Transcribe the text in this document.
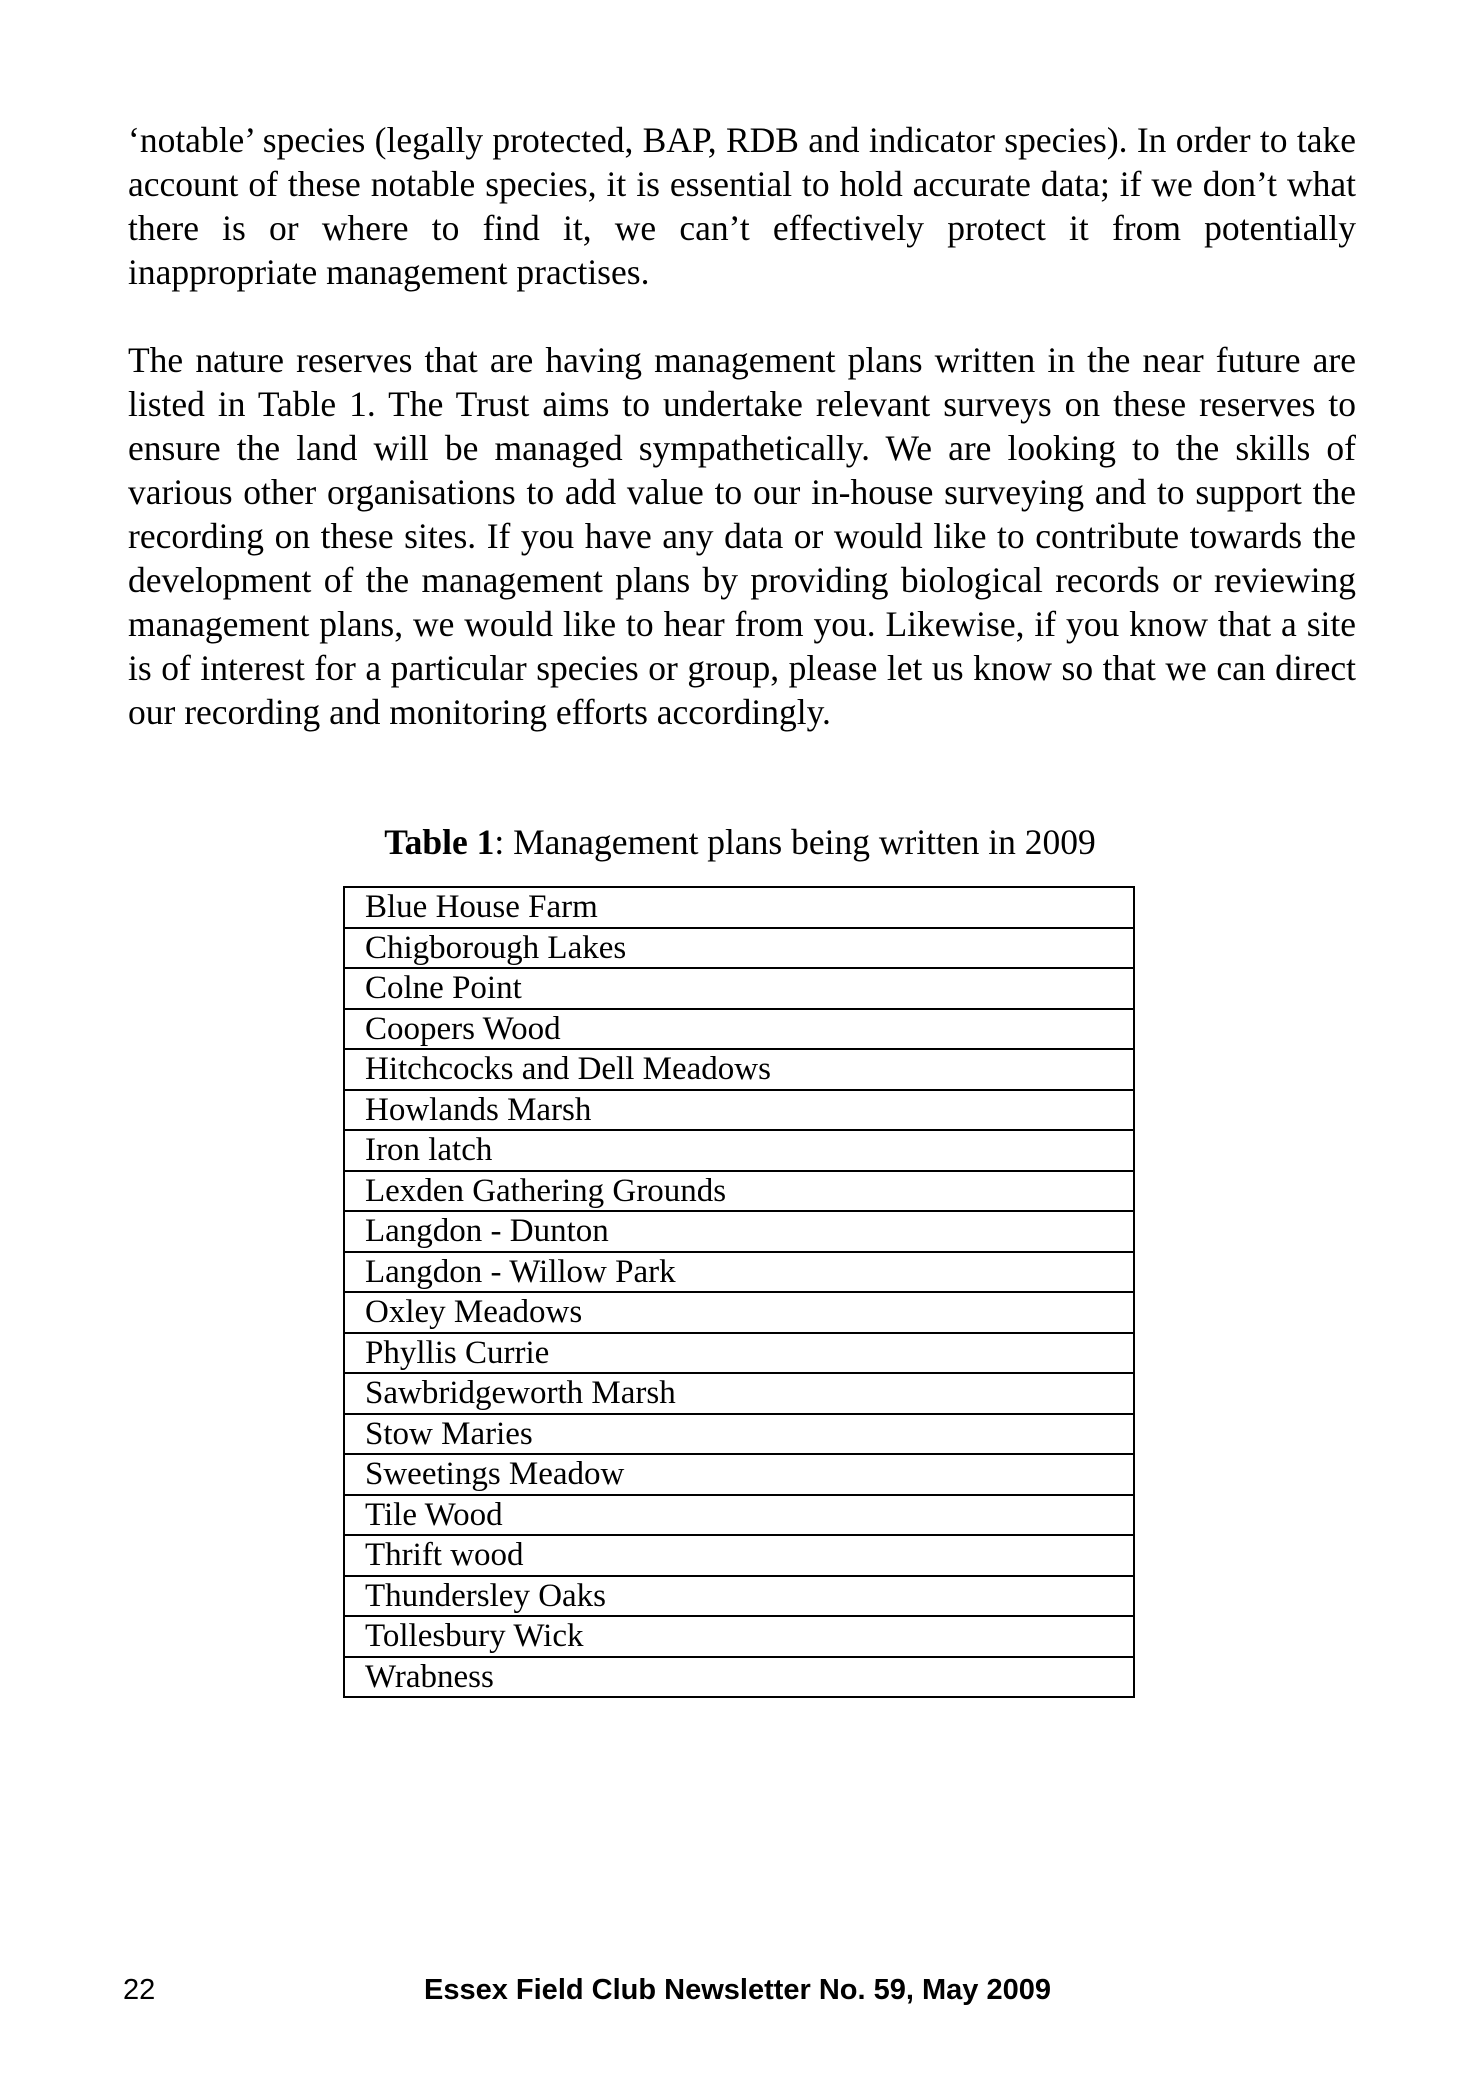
‘notable’ species (legally protected, BAP, RDB and indicator species). In order to take account of these notable species, it is essential to hold accurate data; if we don’t what there is or where to find it, we can’t effectively protect it from potentially inappropriate management practises.

The nature reserves that are having management plans written in the near future are listed in Table 1. The Trust aims to undertake relevant surveys on these reserves to ensure the land will be managed sympathetically. We are looking to the skills of various other organisations to add value to our in-house surveying and to support the recording on these sites. If you have any data or would like to contribute towards the development of the management plans by providing biological records or reviewing management plans, we would like to hear from you. Likewise, if you know that a site is of interest for a particular species or group, please let us know so that we can direct our recording and monitoring efforts accordingly.

Table 1: Management plans being written in 2009

Blue House Farm
Chigborough Lakes
Colne Point
Coopers Wood
Hitchcocks and Dell Meadows
Howlands Marsh
Iron latch
Lexden Gathering Grounds
Langdon - Dunton
Langdon - Willow Park
Oxley Meadows
Phyllis Currie
Sawbridgeworth Marsh
Stow Maries
Sweetings Meadow
Tile Wood
Thrift wood
Thundersley Oaks
Tollesbury Wick
Wrabness
22	Essex Field Club Newsletter No. 59, May 2009
